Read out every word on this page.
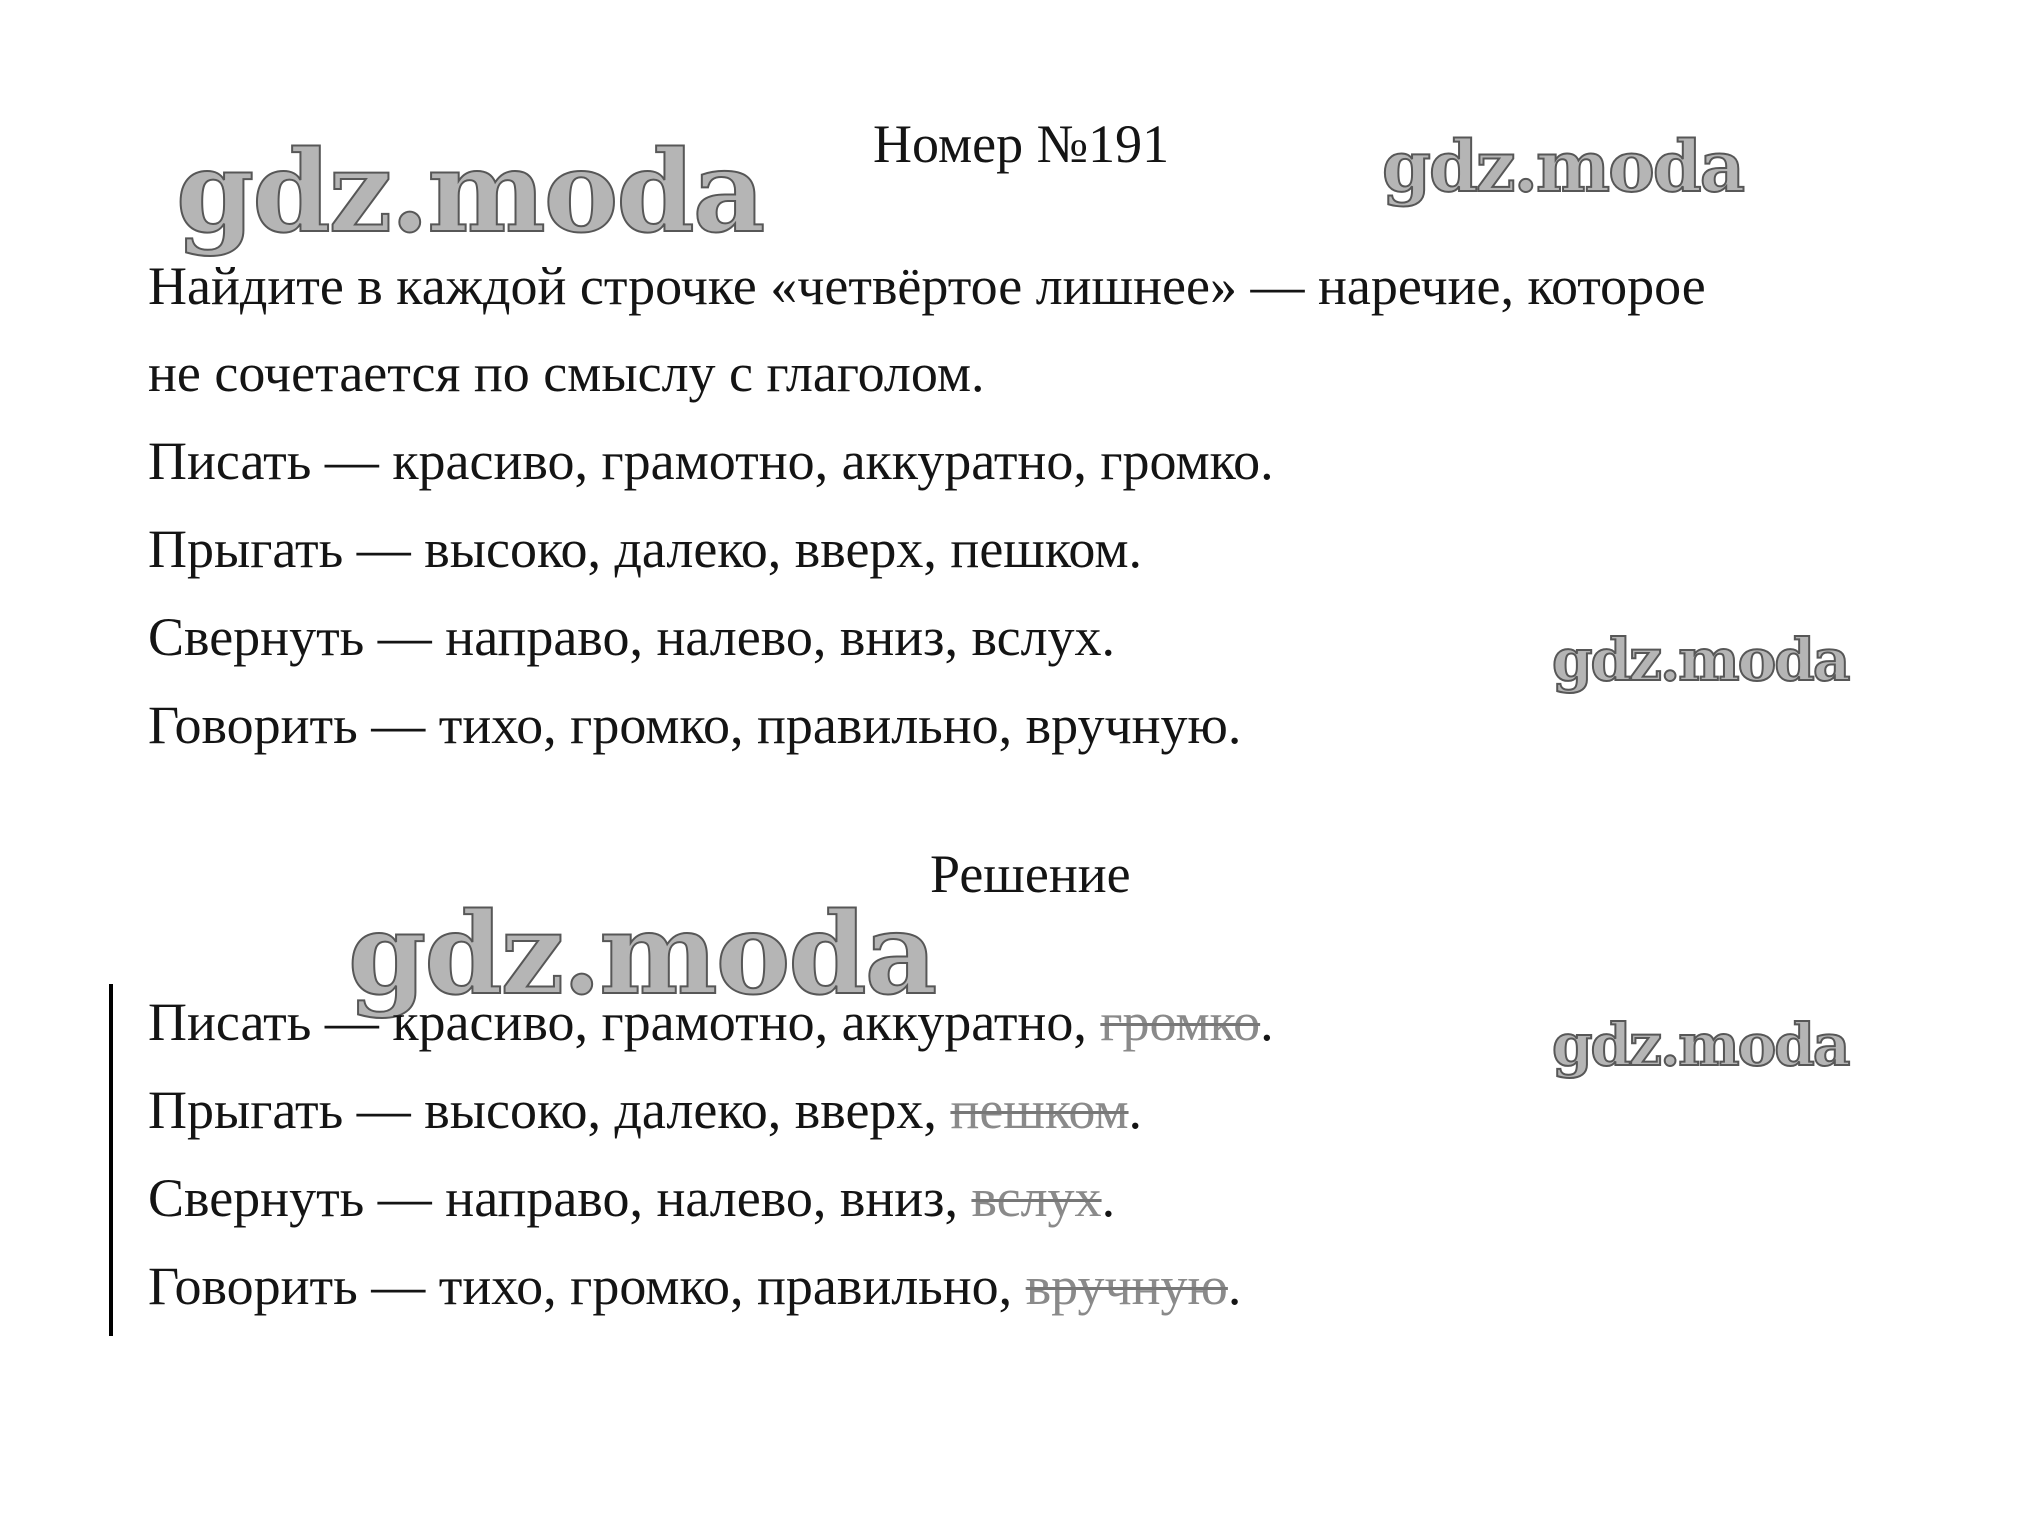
gdz.moda	gdz.moda
gdz.moda
gdz.moda
gdz.moda
Номер №191
Найдите в каждой строчке «четвёртое лишнее» — наречие, которое
не сочетается по смыслу с глаголом.
Писать — красиво, грамотно, аккуратно, громко.
Прыгать — высоко, далеко, вверх, пешком.
Свернуть — направо, налево, вниз, вслух.
Говорить — тихо, громко, правильно, вручную.
Решение
Писать — красиво, грамотно, аккуратно, громко.
Прыгать — высоко, далеко, вверх, пешком.
Свернуть — направо, налево, вниз, вслух.
Говорить — тихо, громко, правильно, вручную.
